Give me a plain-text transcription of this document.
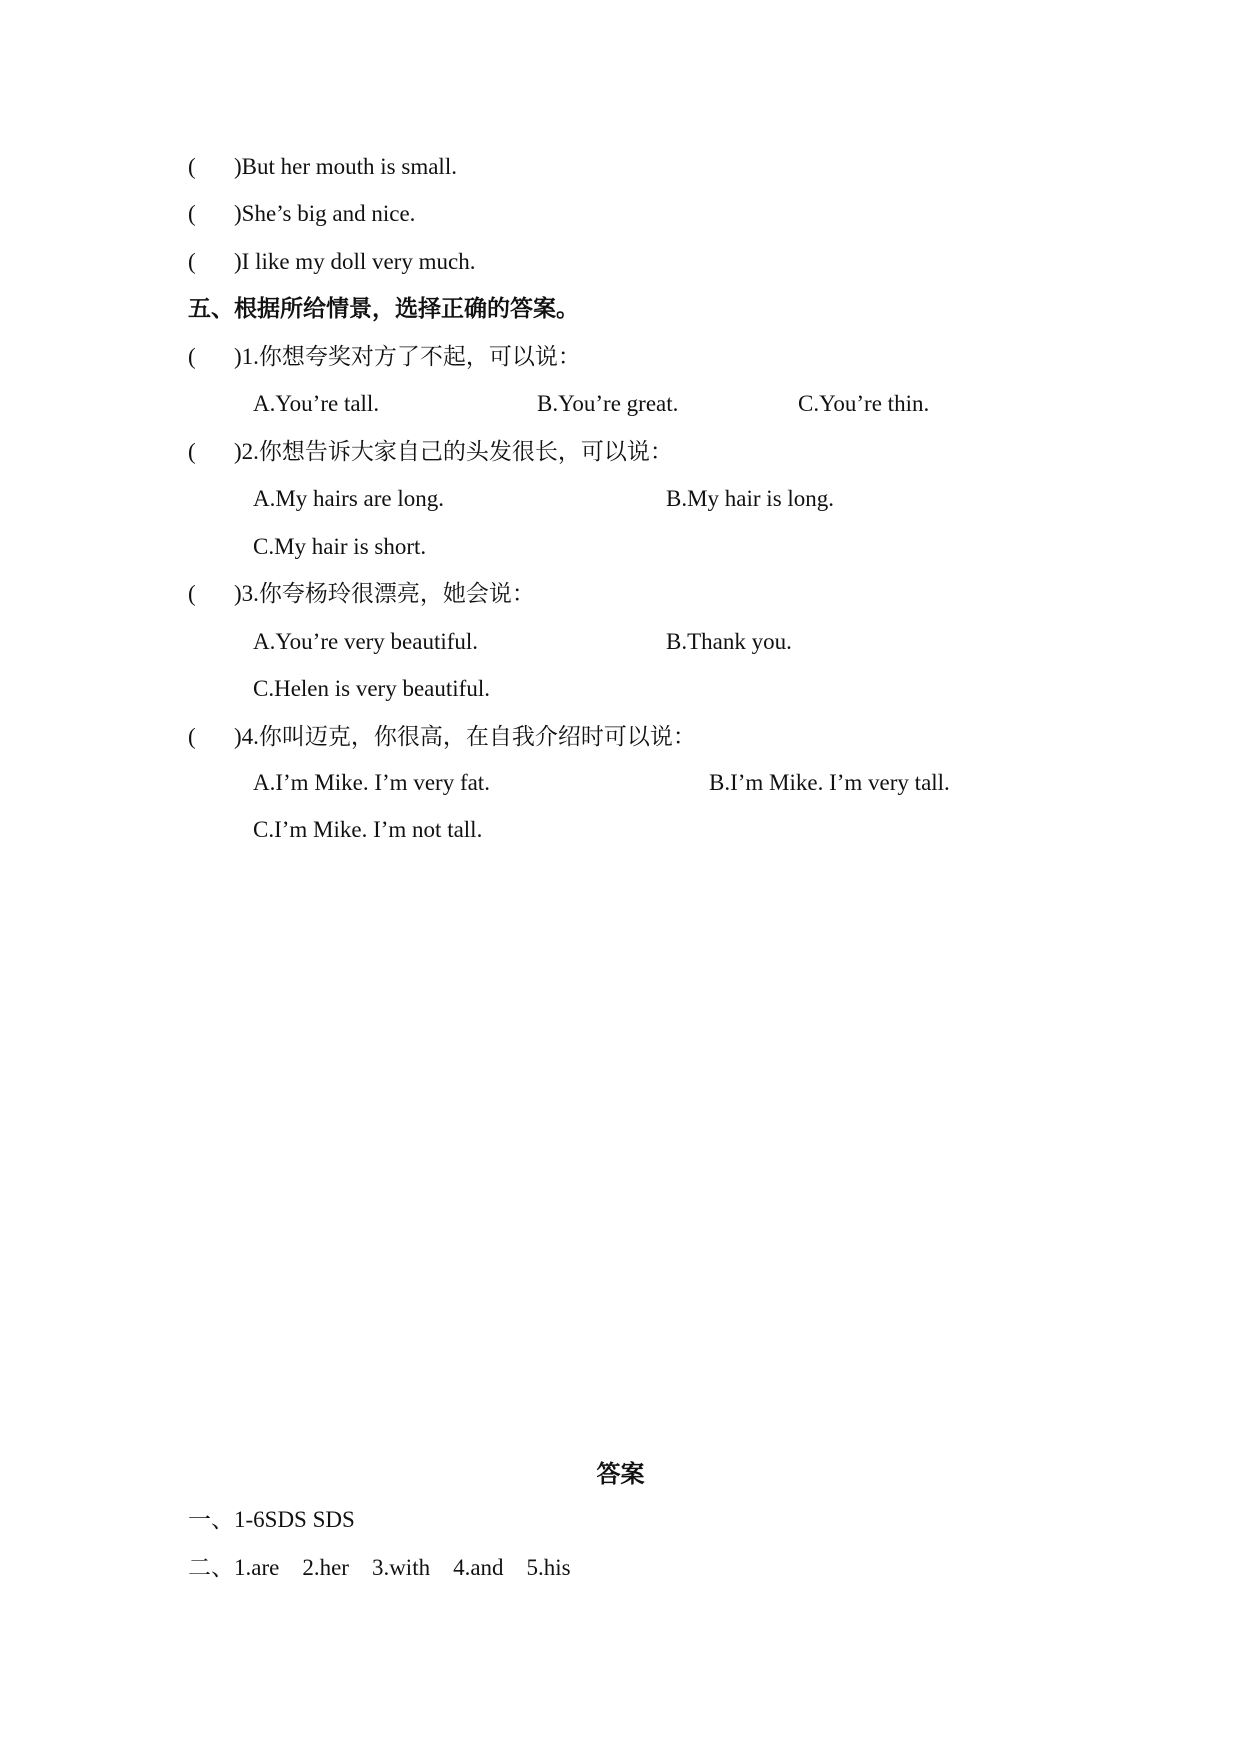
( )But her mouth is small.
( )She’s big and nice.
( )I like my doll very much.
五、根据所给情景，选择正确的答案。
( )1.你想夸奖对方了不起，可以说：
A.You’re tall.	B.You’re great.	C.You’re thin.
( )2.你想告诉大家自己的头发很长，可以说：
A.My hairs are long.	B.My hair is long.
C.My hair is short.
( )3.你夸杨玲很漂亮，她会说：
A.You’re very beautiful.	B.Thank you.
C.Helen is very beautiful.
( )4.你叫迈克，你很高，在自我介绍时可以说：
A.I’m Mike. I’m very fat.	B.I’m Mike. I’m very tall.
C.I’m Mike. I’m not tall.
答案
一、1-6SDS SDS
二、1.are    2.her    3.with    4.and    5.his
